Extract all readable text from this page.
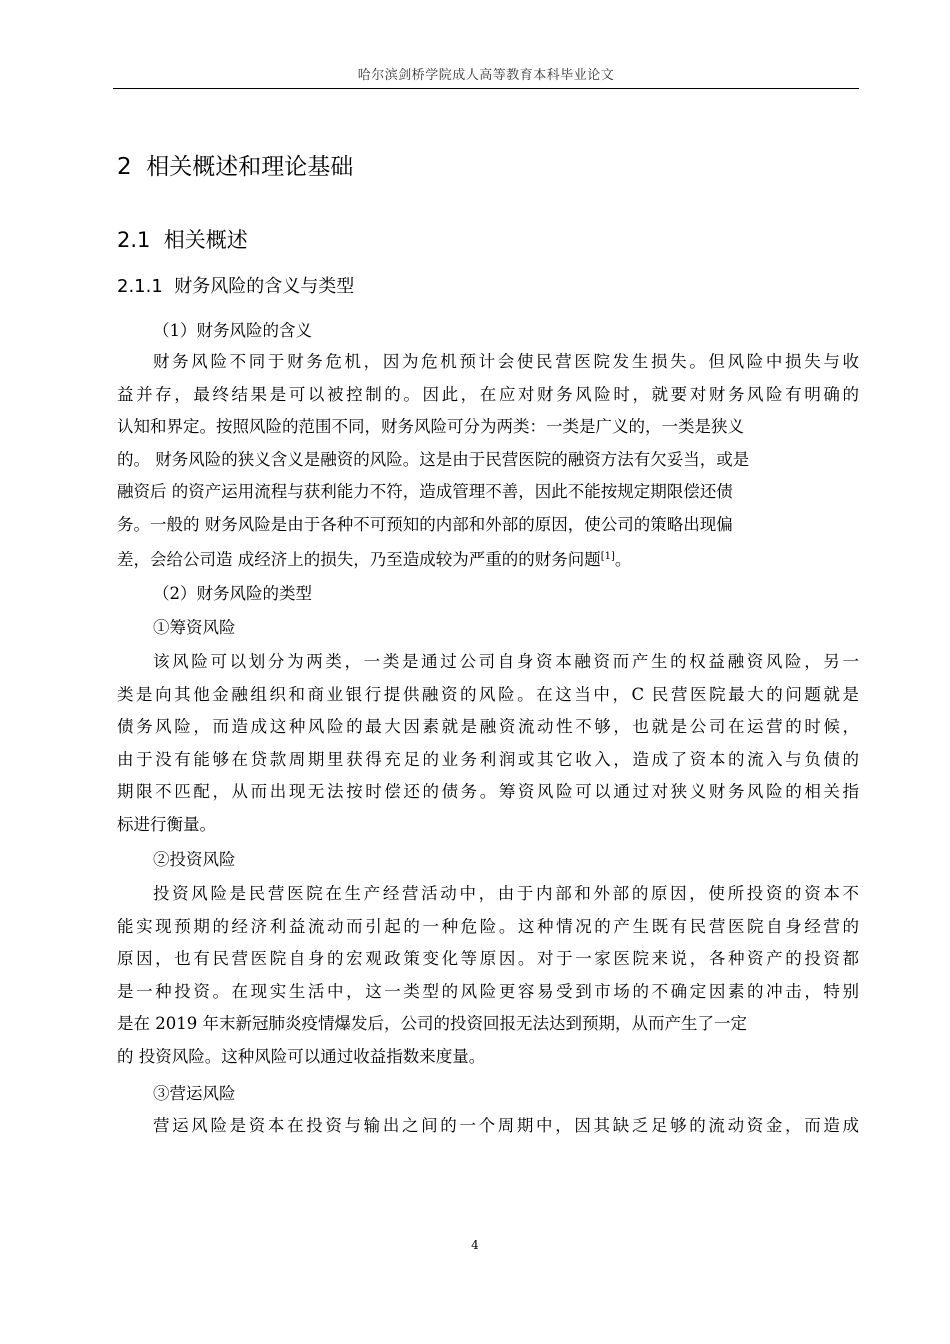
哈尔滨剑桥学院成人高等教育本科毕业论文
2 相关概述和理论基础
2.1 相关概述
2.1.1 财务风险的含义与类型
（1）财务风险的含义
财务风险不同于财务危机，因为危机预计会使民营医院发生损失。但风险中损失与收
益并存，最终结果是可以被控制的。因此，在应对财务风险时，就要对财务风险有明确的
认知和界定。按照风险的范围不同，财务风险可分为两类：一类是广义的，一类是狭义
的。 财务风险的狭义含义是融资的风险。这是由于民营医院的融资方法有欠妥当，或是
融资后 的资产运用流程与获利能力不符，造成管理不善，因此不能按规定期限偿还债
务。一般的 财务风险是由于各种不可预知的内部和外部的原因，使公司的策略出现偏
差，会给公司造 成经济上的损失，乃至造成较为严重的的财务问题[1]。
（2）财务风险的类型
①筹资风险
该风险可以划分为两类，一类是通过公司自身资本融资而产生的权益融资风险，另一
类是向其他金融组织和商业银行提供融资的风险。在这当中，C 民营医院最大的问题就是
债务风险，而造成这种风险的最大因素就是融资流动性不够，也就是公司在运营的时候，
由于没有能够在贷款周期里获得充足的业务利润或其它收入，造成了资本的流入与负债的
期限不匹配，从而出现无法按时偿还的债务。筹资风险可以通过对狭义财务风险的相关指
标进行衡量。
②投资风险
投资风险是民营医院在生产经营活动中，由于内部和外部的原因，使所投资的资本不
能实现预期的经济利益流动而引起的一种危险。这种情况的产生既有民营医院自身经营的
原因，也有民营医院自身的宏观政策变化等原因。对于一家医院来说，各种资产的投资都
是一种投资。在现实生活中，这一类型的风险更容易受到市场的不确定因素的冲击，特别
是在 2019 年末新冠肺炎疫情爆发后，公司的投资回报无法达到预期，从而产生了一定
的 投资风险。这种风险可以通过收益指数来度量。
③营运风险
营运风险是资本在投资与输出之间的一个周期中，因其缺乏足够的流动资金，而造成
4
